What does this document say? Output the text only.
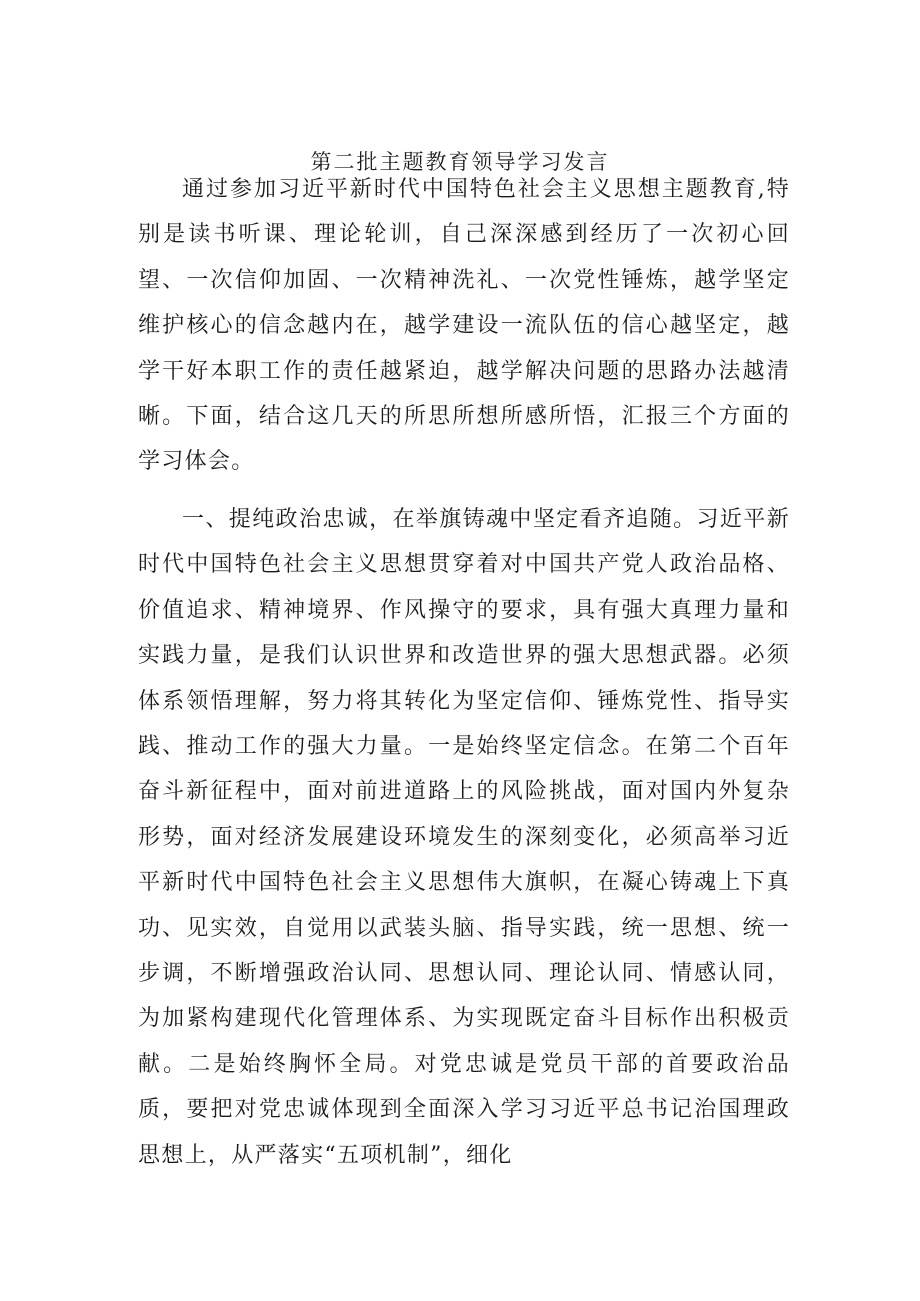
第二批主题教育领导学习发言

通过参加习近平新时代中国特色社会主义思想主题教育,特别是读书听课、理论轮训，自己深深感到经历了一次初心回望、一次信仰加固、一次精神洗礼、一次党性锤炼，越学坚定维护核心的信念越内在，越学建设一流队伍的信心越坚定，越学干好本职工作的责任越紧迫，越学解决问题的思路办法越清晰。下面，结合这几天的所思所想所感所悟，汇报三个方面的学习体会。

一、提纯政治忠诚，在举旗铸魂中坚定看齐追随。习近平新时代中国特色社会主义思想贯穿着对中国共产党人政治品格、价值追求、精神境界、作风操守的要求，具有强大真理力量和实践力量，是我们认识世界和改造世界的强大思想武器。必须体系领悟理解，努力将其转化为坚定信仰、锤炼党性、指导实践、推动工作的强大力量。一是始终坚定信念。在第二个百年奋斗新征程中，面对前进道路上的风险挑战，面对国内外复杂形势，面对经济发展建设环境发生的深刻变化，必须高举习近平新时代中国特色社会主义思想伟大旗帜，在凝心铸魂上下真功、见实效，自觉用以武装头脑、指导实践，统一思想、统一步调，不断增强政治认同、思想认同、理论认同、情感认同，为加紧构建现代化管理体系、为实现既定奋斗目标作出积极贡献。二是始终胸怀全局。对党忠诚是党员干部的首要政治品质，要把对党忠诚体现到全面深入学习习近平总书记治国理政思想上，从严落实“五项机制”，细化
